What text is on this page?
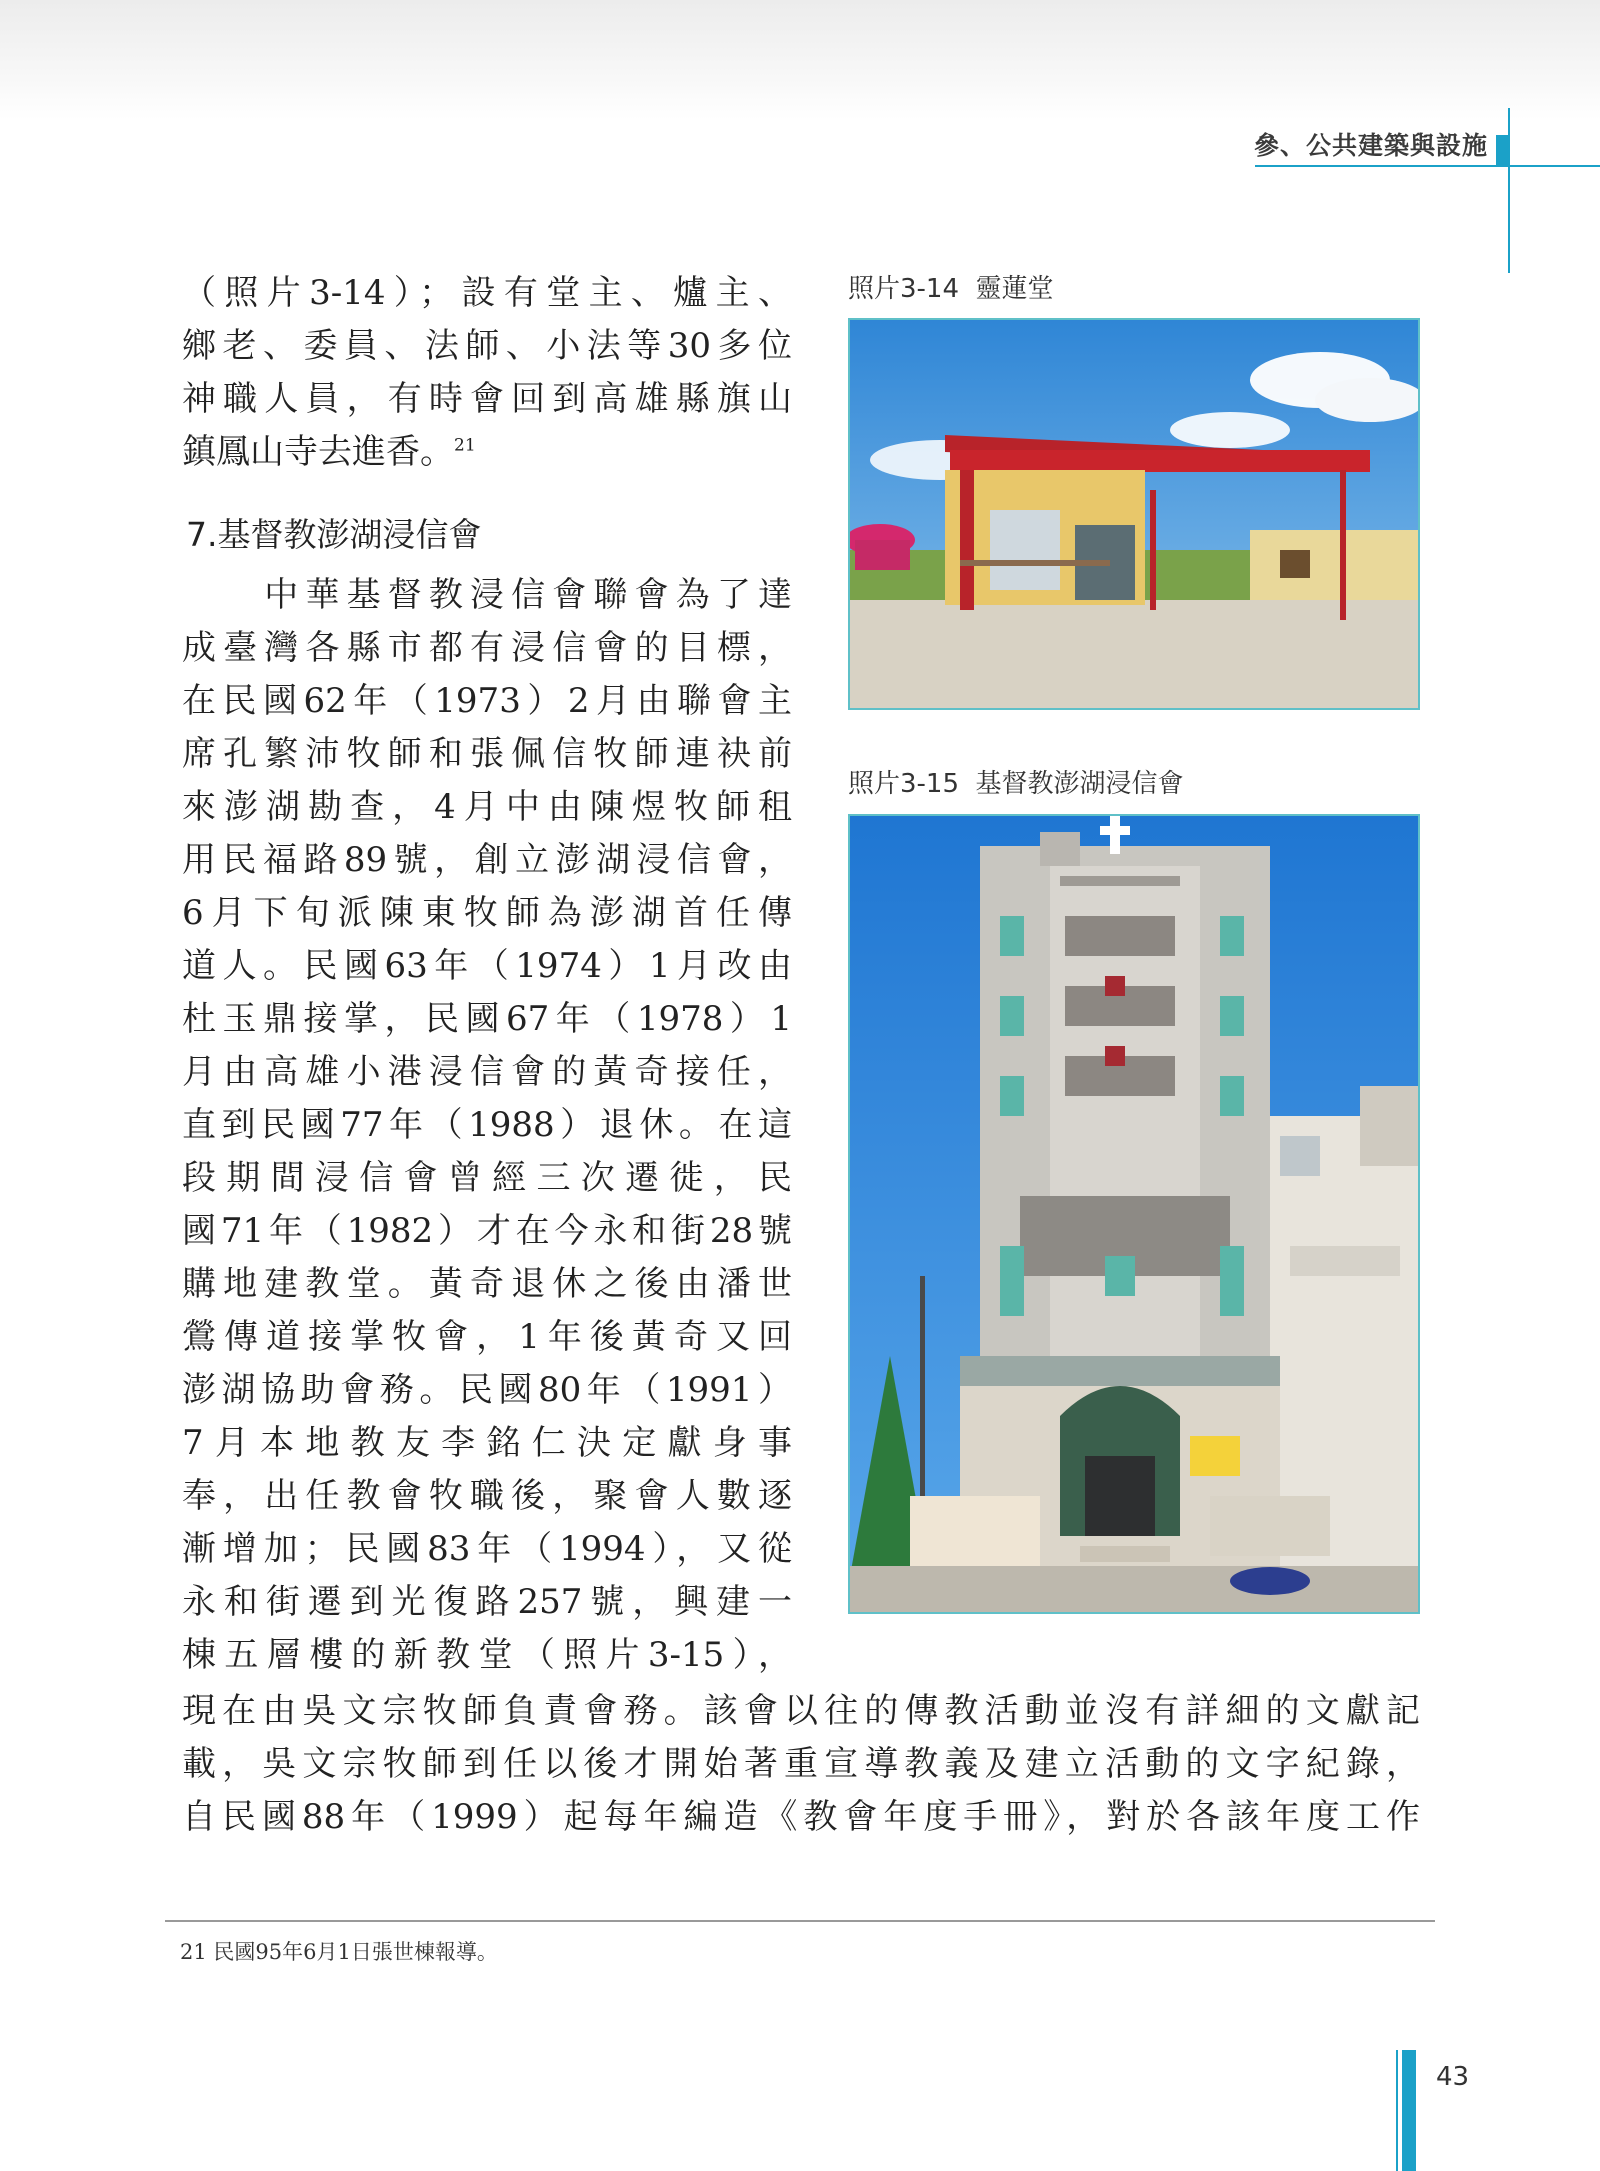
參、公共建築與設施
（照片3-14）；設有堂主、爐主、
鄉老、委員、法師、小法等30多位
神職人員，有時會回到高雄縣旗山
鎮鳳山寺去進香。$^{21}$
7.基督教澎湖浸信會
　　中華基督教浸信會聯會為了達
成臺灣各縣市都有浸信會的目標，
在民國62年（1973）2月由聯會主
席孔繁沛牧師和張佩信牧師連袂前
來澎湖勘查，4月中由陳煜牧師租
用民福路89號，創立澎湖浸信會，
6月下旬派陳東牧師為澎湖首任傳
道人。民國63年（1974）1月改由
杜玉鼎接掌，民國67年（1978）1
月由高雄小港浸信會的黃奇接任，
直到民國77年（1988）退休。在這
段期間浸信會曾經三次遷徙，民
國71年（1982）才在今永和街28號
購地建教堂。黃奇退休之後由潘世
鶯傳道接掌牧會，1年後黃奇又回
澎湖協助會務。民國80年（1991）
7月本地教友李銘仁決定獻身事
奉，出任教會牧職後，聚會人數逐
漸增加；民國83年（1994），又從
永和街遷到光復路257號，興建一
棟五層樓的新教堂（照片3-15），
現在由吳文宗牧師負責會務。該會以往的傳教活動並沒有詳細的文獻記
載，吳文宗牧師到任以後才開始著重宣導教義及建立活動的文字紀錄，
自民國88年（1999）起每年編造《教會年度手冊》，對於各該年度工作
照片3-14  靈蓮堂
照片3-15  基督教澎湖浸信會
21 民國95年6月1日張世棟報導。
43
